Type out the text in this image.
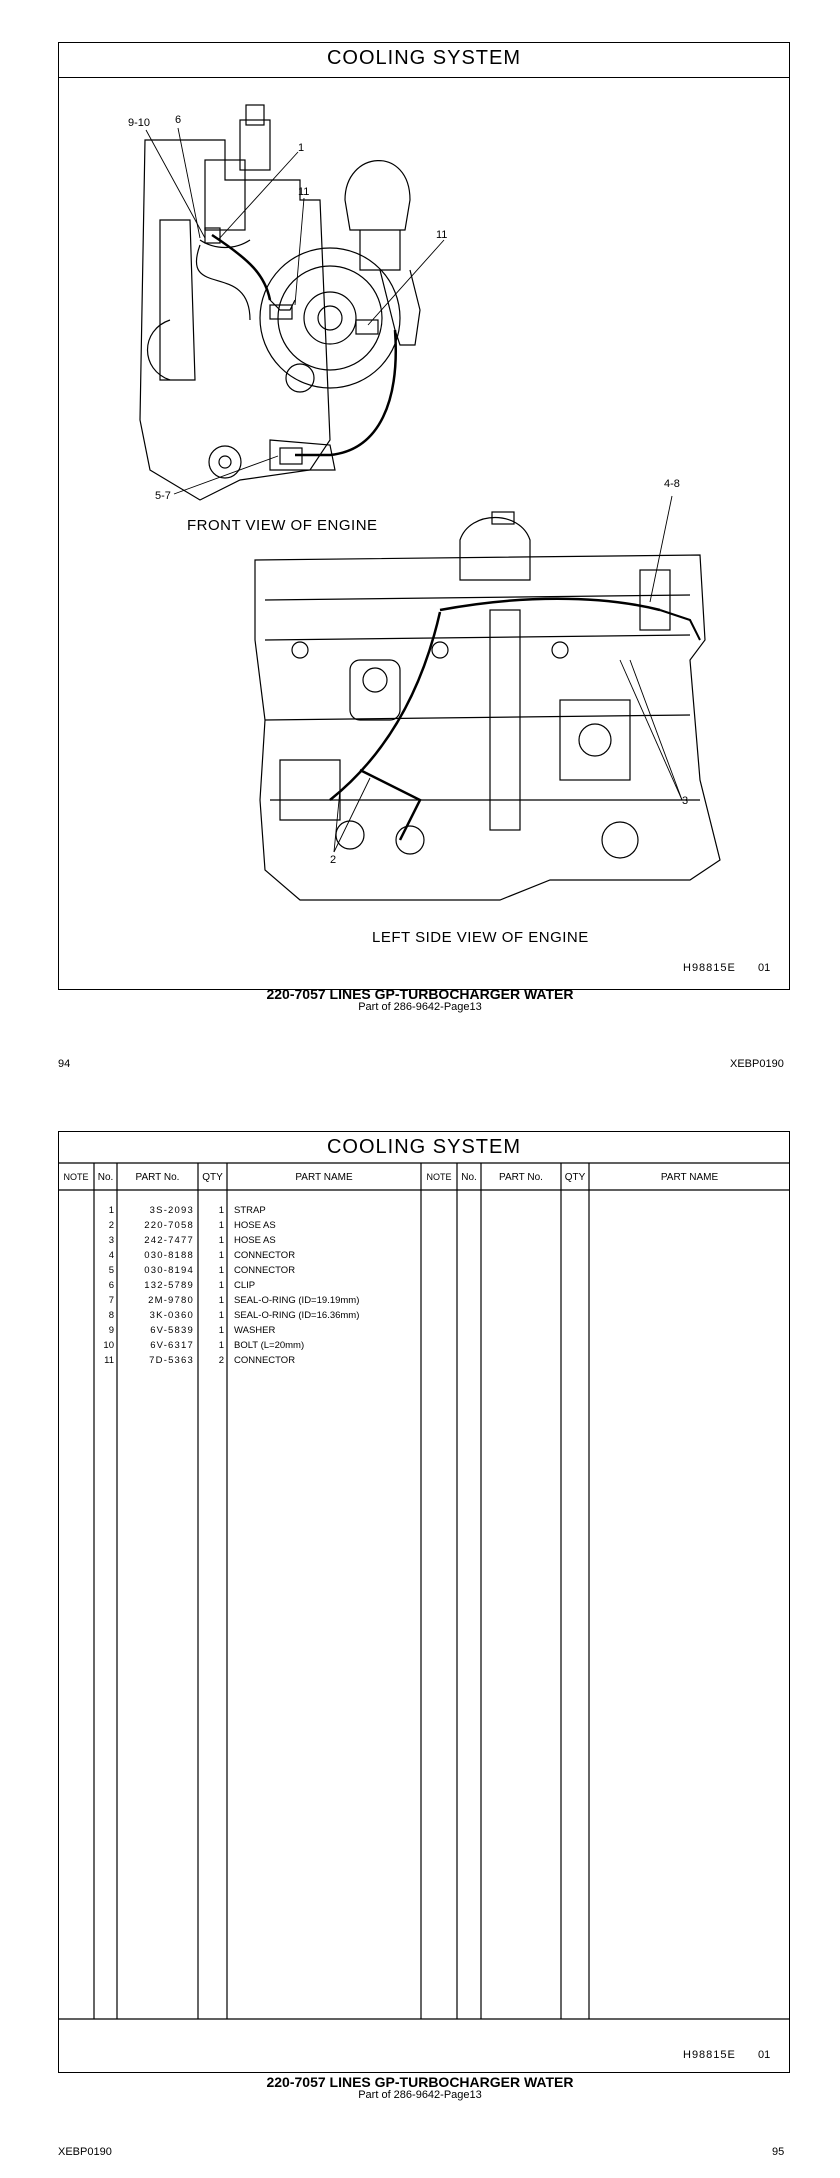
COOLING SYSTEM
9-10 6
1
11
11
5-7
4-8
3
2
FRONT VIEW OF ENGINE
LEFT SIDE VIEW OF ENGINE
H98815E 01
220-7057 LINES GP-TURBOCHARGER WATER
Part of 286-9642-Page13
94	XEBP0190
COOLING SYSTEM
NOTE No.	PART No.	QTY	PART NAME	NOTE No.	PART No.	QTY	PART NAME
1	3S-2093	1 STRAP
2	220-7058	1 HOSE AS
3	242-7477	1 HOSE AS
4	030-8188	1 CONNECTOR
5	030-8194	1 CONNECTOR
6	132-5789	1 CLIP
7	2M-9780	1 SEAL-O-RING (ID=19.19mm)
8	3K-0360	1 SEAL-O-RING (ID=16.36mm)
9	6V-5839	1 WASHER
10	6V-6317	1 BOLT (L=20mm)
11	7D-5363	2 CONNECTOR
H98815E 01
220-7057 LINES GP-TURBOCHARGER WATER
Part of 286-9642-Page13
XEBP0190	95
